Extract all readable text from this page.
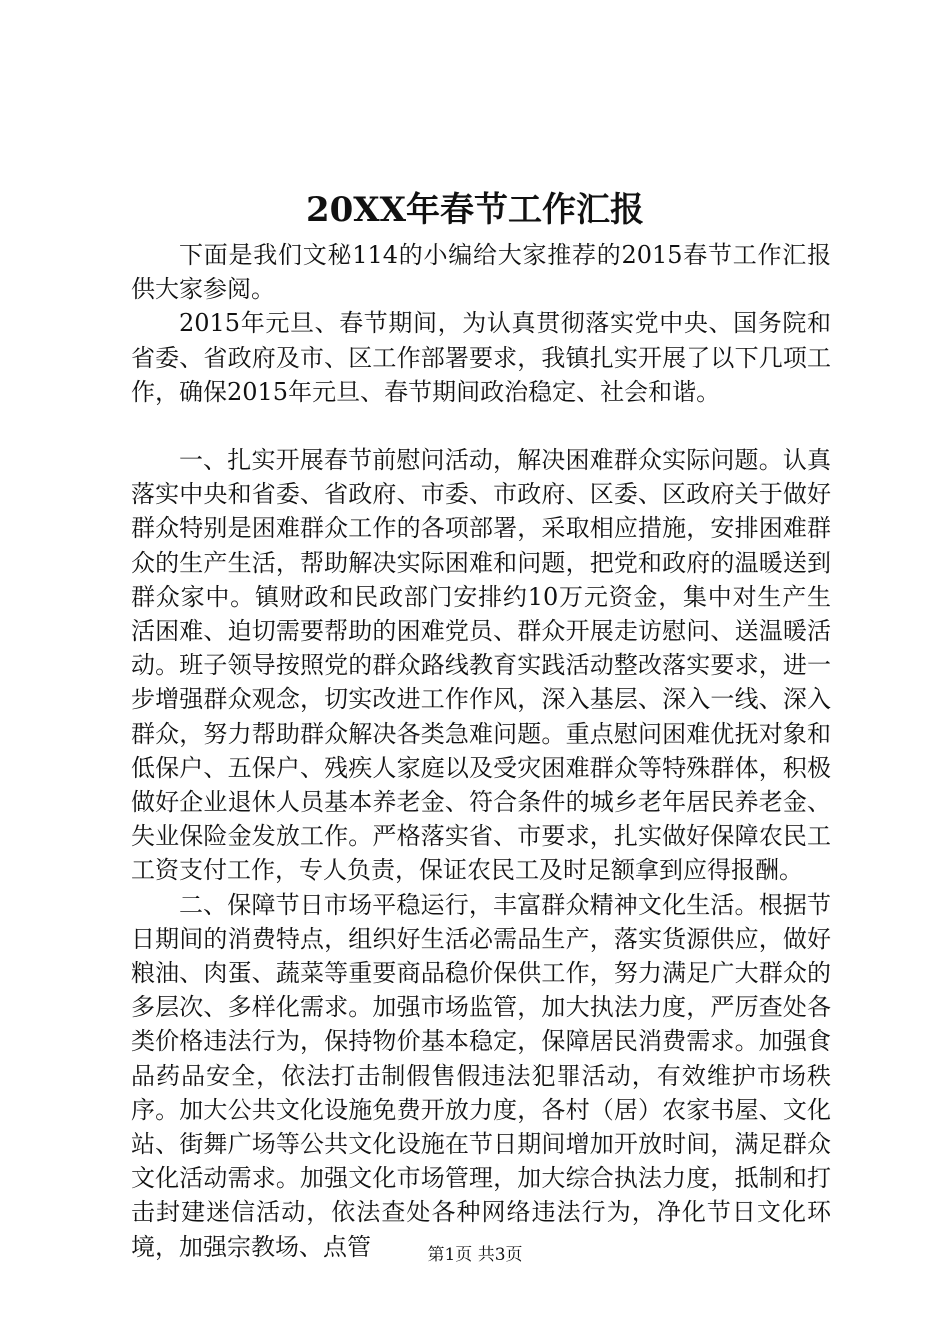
20XX年春节工作汇报

下面是我们文秘114的小编给大家推荐的2015春节工作汇报供大家参阅。

2015年元旦、春节期间，为认真贯彻落实党中央、国务院和省委、省政府及市、区工作部署要求，我镇扎实开展了以下几项工作，确保2015年元旦、春节期间政治稳定、社会和谐。

一、扎实开展春节前慰问活动，解决困难群众实际问题。认真落实中央和省委、省政府、市委、市政府、区委、区政府关于做好群众特别是困难群众工作的各项部署，采取相应措施，安排困难群众的生产生活，帮助解决实际困难和问题，把党和政府的温暖送到群众家中。镇财政和民政部门安排约10万元资金，集中对生产生活困难、迫切需要帮助的困难党员、群众开展走访慰问、送温暖活动。班子领导按照党的群众路线教育实践活动整改落实要求，进一步增强群众观念，切实改进工作作风，深入基层、深入一线、深入群众，努力帮助群众解决各类急难问题。重点慰问困难优抚对象和低保户、五保户、残疾人家庭以及受灾困难群众等特殊群体，积极做好企业退休人员基本养老金、符合条件的城乡老年居民养老金、失业保险金发放工作。严格落实省、市要求，扎实做好保障农民工工资支付工作，专人负责，保证农民工及时足额拿到应得报酬。

二、保障节日市场平稳运行，丰富群众精神文化生活。根据节日期间的消费特点，组织好生活必需品生产，落实货源供应，做好粮油、肉蛋、蔬菜等重要商品稳价保供工作，努力满足广大群众的多层次、多样化需求。加强市场监管，加大执法力度，严厉查处各类价格违法行为，保持物价基本稳定，保障居民消费需求。加强食品药品安全，依法打击制假售假违法犯罪活动，有效维护市场秩序。加大公共文化设施免费开放力度，各村（居）农家书屋、文化站、街舞广场等公共文化设施在节日期间增加开放时间，满足群众文化活动需求。加强文化市场管理，加大综合执法力度，抵制和打击封建迷信活动，依法查处各种网络违法行为，净化节日文化环境，加强宗教场、点管	第1页 共3页
